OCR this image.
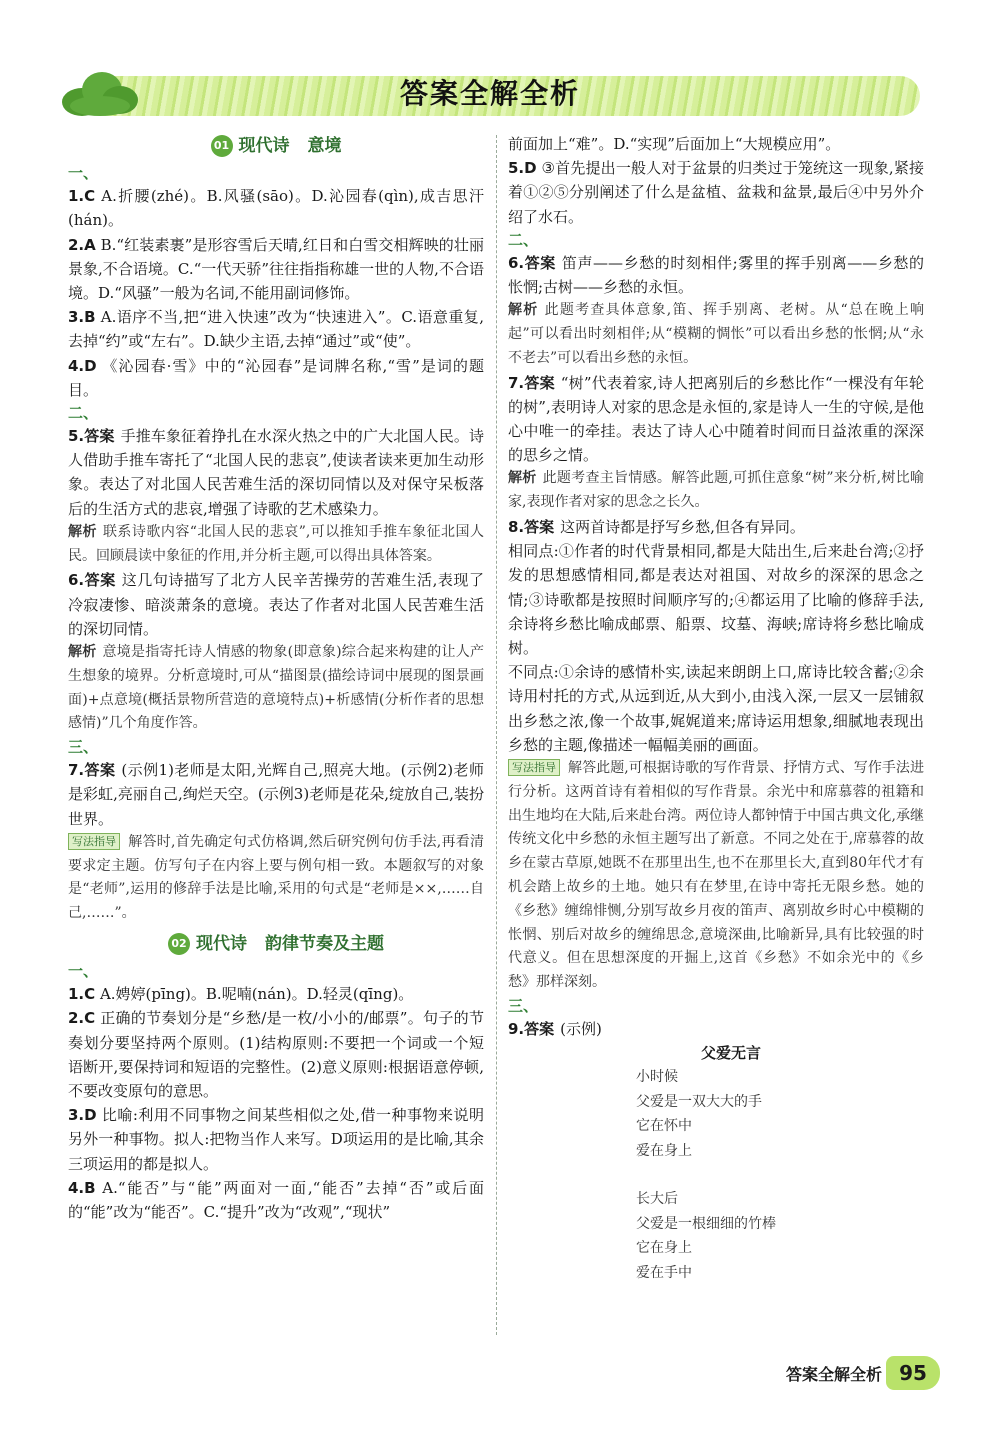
答案全解全析
01 现代诗 意境

一、

1.C A.折腰(zhé)。B.风骚(sāo)。D.沁园春(qìn),成吉思汗(hán)。

2.A B.“红装素裹”是形容雪后天晴,红日和白雪交相辉映的壮丽景象,不合语境。C.“一代天骄”往往指指称雄一世的人物,不合语境。D.“风骚”一般为名词,不能用副词修饰。

3.B A.语序不当,把“进入快速”改为“快速进入”。C.语意重复,去掉“约”或“左右”。D.缺少主语,去掉“通过”或“使”。

4.D 《沁园春·雪》中的“沁园春”是词牌名称,“雪”是词的题目。

二、

5.答案 手推车象征着挣扎在水深火热之中的广大北国人民。诗人借助手推车寄托了“北国人民的悲哀”,使读者读来更加生动形象。表达了对北国人民苦难生活的深切同情以及对保守呆板落后的生活方式的悲哀,增强了诗歌的艺术感染力。

解析 联系诗歌内容“北国人民的悲哀”,可以推知手推车象征北国人民。回顾晨读中象征的作用,并分析主题,可以得出具体答案。

6.答案 这几句诗描写了北方人民辛苦操劳的苦难生活,表现了冷寂凄惨、暗淡萧条的意境。表达了作者对北国人民苦难生活的深切同情。

解析 意境是指寄托诗人情感的物象(即意象)综合起来构建的让人产生想象的境界。分析意境时,可从“描图景(描绘诗词中展现的图景画面)+点意境(概括景物所营造的意境特点)+析感情(分析作者的思想感情)”几个角度作答。

三、

7.答案 (示例1)老师是太阳,光辉自己,照亮大地。(示例2)老师是彩虹,亮丽自己,绚烂天空。(示例3)老师是花朵,绽放自己,装扮世界。

写法指导 解答时,首先确定句式仿格调,然后研究例句仿手法,再看清要求定主题。仿写句子在内容上要与例句相一致。本题叙写的对象是“老师”,运用的修辞手法是比喻,采用的句式是“老师是××,……自己,……”。

02 现代诗 韵律节奏及主题

一、

1.C A.娉婷(pīng)。B.呢喃(nán)。D.轻灵(qīng)。

2.C 正确的节奏划分是“乡愁/是一枚/小小的/邮票”。句子的节奏划分要坚持两个原则。(1)结构原则:不要把一个词或一个短语断开,要保持词和短语的完整性。(2)意义原则:根据语意停顿,不要改变原句的意思。

3.D 比喻:利用不同事物之间某些相似之处,借一种事物来说明另外一种事物。拟人:把物当作人来写。D项运用的是比喻,其余三项运用的都是拟人。

4.B A.“能否”与“能”两面对一面,“能否”去掉“否”或后面的“能”改为“能否”。C.“提升”改为“改观”,“现状”

前面加上“难”。D.“实现”后面加上“大规模应用”。

5.D ③首先提出一般人对于盆景的归类过于笼统这一现象,紧接着①②⑤分别阐述了什么是盆植、盆栽和盆景,最后④中另外介绍了水石。

二、

6.答案 笛声——乡愁的时刻相伴;雾里的挥手别离——乡愁的怅惘;古树——乡愁的永恒。

解析 此题考查具体意象,笛、挥手别离、老树。从“总在晚上响起”可以看出时刻相伴;从“模糊的惆怅”可以看出乡愁的怅惘;从“永不老去”可以看出乡愁的永恒。

7.答案 “树”代表着家,诗人把离别后的乡愁比作“一棵没有年轮的树”,表明诗人对家的思念是永恒的,家是诗人一生的守候,是他心中唯一的牵挂。表达了诗人心中随着时间而日益浓重的深深的思乡之情。

解析 此题考查主旨情感。解答此题,可抓住意象“树”来分析,树比喻家,表现作者对家的思念之长久。

8.答案 这两首诗都是抒写乡愁,但各有异同。

相同点:①作者的时代背景相同,都是大陆出生,后来赴台湾;②抒发的思想感情相同,都是表达对祖国、对故乡的深深的思念之情;③诗歌都是按照时间顺序写的;④都运用了比喻的修辞手法,余诗将乡愁比喻成邮票、船票、坟墓、海峡;席诗将乡愁比喻成树。

不同点:①余诗的感情朴实,读起来朗朗上口,席诗比较含蓄;②余诗用村托的方式,从远到近,从大到小,由浅入深,一层又一层铺叙出乡愁之浓,像一个故事,娓娓道来;席诗运用想象,细腻地表现出乡愁的主题,像描述一幅幅美丽的画面。

写法指导 解答此题,可根据诗歌的写作背景、抒情方式、写作手法进行分析。这两首诗有着相似的写作背景。余光中和席慕蓉的祖籍和出生地均在大陆,后来赴台湾。两位诗人都钟情于中国古典文化,承继传统文化中乡愁的永恒主题写出了新意。不同之处在于,席慕蓉的故乡在蒙古草原,她既不在那里出生,也不在那里长大,直到80年代才有机会踏上故乡的土地。她只有在梦里,在诗中寄托无限乡愁。她的《乡愁》缠绵悱恻,分别写故乡月夜的笛声、离别故乡时心中模糊的怅惘、别后对故乡的缠绵思念,意境深曲,比喻新异,具有比较强的时代意义。但在思想深度的开掘上,这首《乡愁》不如余光中的《乡愁》那样深刻。

三、

9.答案 (示例)

父爱无言

小时候

父爱是一双大大的手

它在怀中

爱在身上

长大后

父爱是一根细细的竹棒

它在身上

爱在手中

答案全解全析 95
